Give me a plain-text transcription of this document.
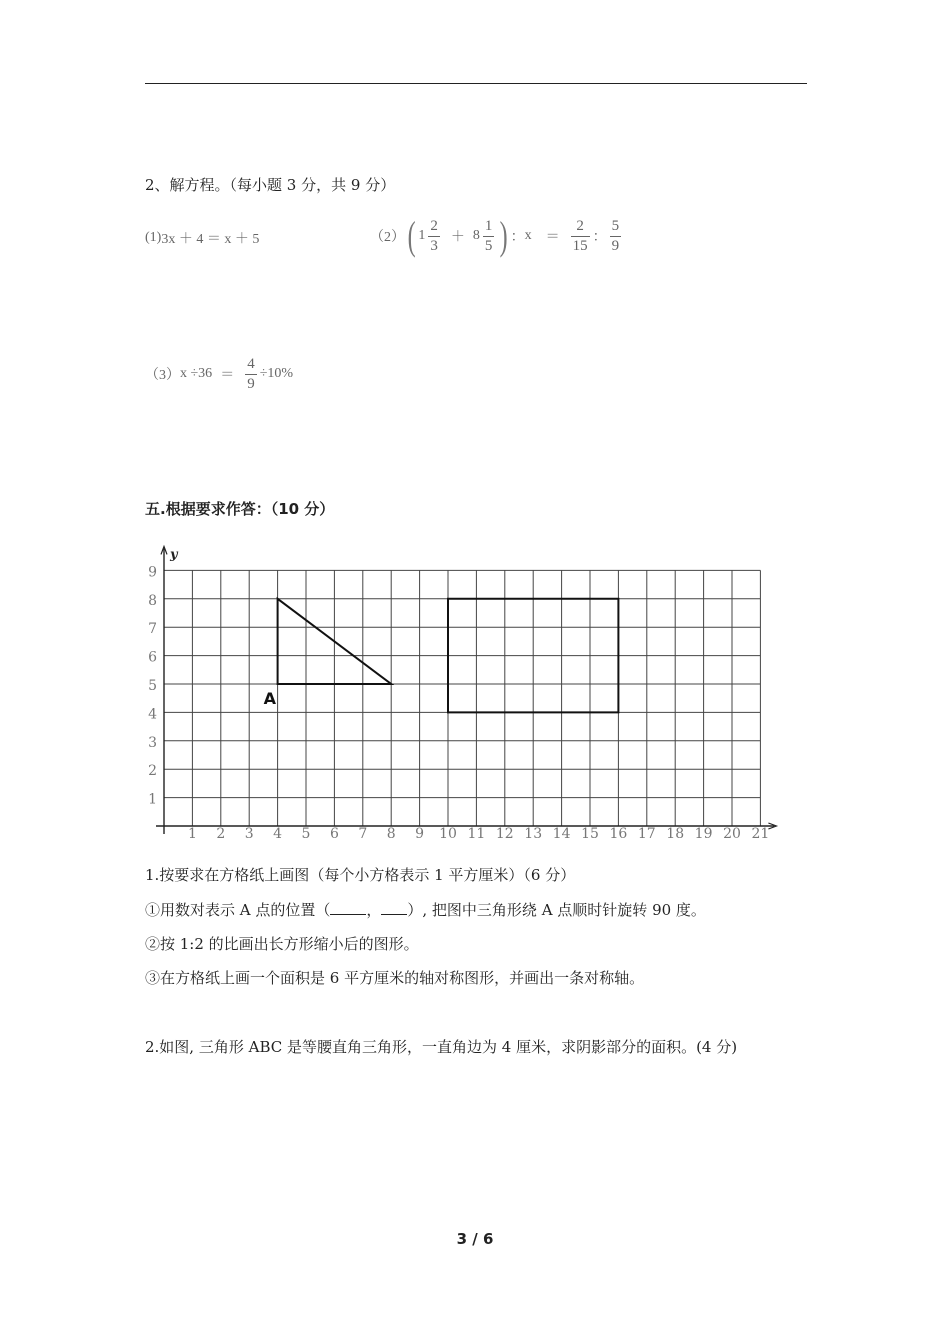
2、解方程。（每小题 3 分，共 9 分）
(1) 3x ＋ 4 ＝ x ＋ 5	（2） ( $1 \frac{2}{3} + 8 \frac{1}{5}$ ) ： $x = \frac{2}{15}$ ： $\frac{5}{9}$
（3） $x \div 36 = \frac{4}{9} \div 10\%$
五.根据要求作答：（10 分）
y
1 2 3 4 5 6 7 8 9 10 11 12 13 14 15 16 17 18 19 20 21
1
2
3
4
5
6
7
8
9
A
1.按要求在方格纸上画图（每个小方格表示 1 平方厘米）（6 分）
①用数对表示 A 点的位置（ ， ）, 把图中三角形绕 A 点顺时针旋转 90 度。
②按 1:2 的比画出长方形缩小后的图形。
③在方格纸上画一个面积是 6 平方厘米的轴对称图形，并画出一条对称轴。
2.如图, 三角形 ABC 是等腰直角三角形，一直角边为 4 厘米，求阴影部分的面积。(4 分)
3 / 6
